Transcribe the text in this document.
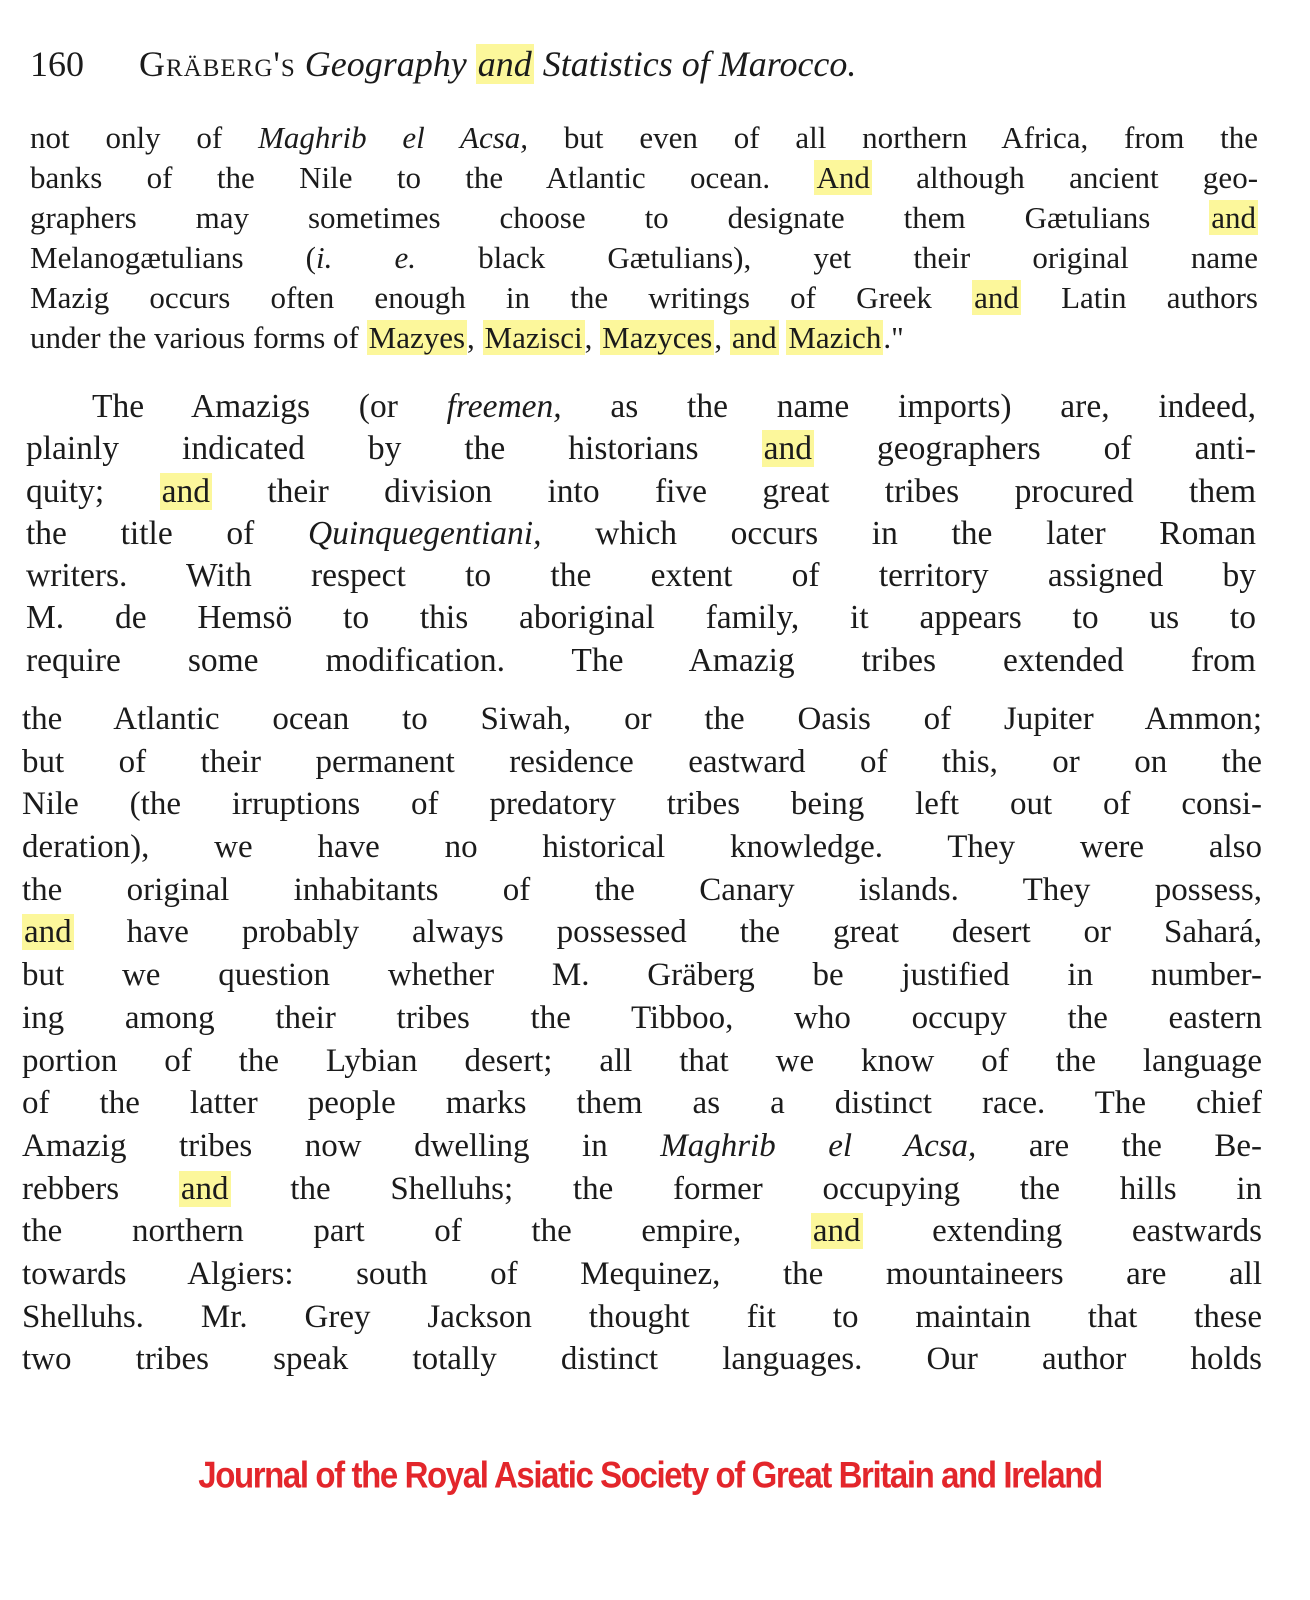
160 Gräberg's Geography and Statistics of Marocco.
not only of Maghrib el Acsa, but even of all northern Africa, from the
banks of the Nile to the Atlantic ocean. And although ancient geo-
graphers may sometimes choose to designate them Gætulians and
Melanogætulians (i. e. black Gætulians), yet their original name
Mazig occurs often enough in the writings of Greek and Latin authors
under the various forms of Mazyes, Mazisci, Mazyces, and Mazich."
The Amazigs (or freemen, as the name imports) are, indeed,
plainly indicated by the historians and geographers of anti-
quity; and their division into five great tribes procured them
the title of Quinquegentiani, which occurs in the later Roman
writers. With respect to the extent of territory assigned by
M. de Hemsö to this aboriginal family, it appears to us to
require some modification. The Amazig tribes extended from
the Atlantic ocean to Siwah, or the Oasis of Jupiter Ammon;
but of their permanent residence eastward of this, or on the
Nile (the irruptions of predatory tribes being left out of consi-
deration), we have no historical knowledge. They were also
the original inhabitants of the Canary islands. They possess,
and have probably always possessed the great desert or Sahará,
but we question whether M. Gräberg be justified in number-
ing among their tribes the Tibboo, who occupy the eastern
portion of the Lybian desert; all that we know of the language
of the latter people marks them as a distinct race. The chief
Amazig tribes now dwelling in Maghrib el Acsa, are the Be-
rebbers and the Shelluhs; the former occupying the hills in
the northern part of the empire, and extending eastwards
towards Algiers: south of Mequinez, the mountaineers are all
Shelluhs. Mr. Grey Jackson thought fit to maintain that these
two tribes speak totally distinct languages. Our author holds
Journal of the Royal Asiatic Society of Great Britain and Ireland
